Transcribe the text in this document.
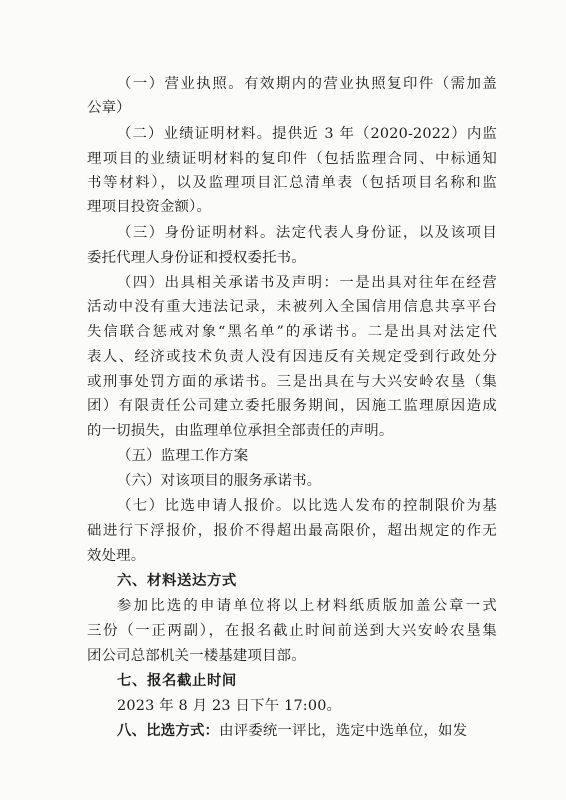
（一）营业执照。有效期内的营业执照复印件（需加盖
公章）
（二）业绩证明材料。提供近 3 年（2020-2022）内监
理项目的业绩证明材料的复印件（包括监理合同、中标通知
书等材料），以及监理项目汇总清单表（包括项目名称和监
理项目投资金额）。
（三）身份证明材料。法定代表人身份证，以及该项目
委托代理人身份证和授权委托书。
（四）出具相关承诺书及声明：一是出具对往年在经营
活动中没有重大违法记录，未被列入全国信用信息共享平台
失信联合惩戒对象“黑名单”的承诺书。二是出具对法定代
表人、经济或技术负责人没有因违反有关规定受到行政处分
或刑事处罚方面的承诺书。三是出具在与大兴安岭农垦（集
团）有限责任公司建立委托服务期间，因施工监理原因造成
的一切损失，由监理单位承担全部责任的声明。
（五）监理工作方案
（六）对该项目的服务承诺书。
（七）比选申请人报价。以比选人发布的控制限价为基
础进行下浮报价，报价不得超出最高限价，超出规定的作无
效处理。
六、材料送达方式
参加比选的申请单位将以上材料纸质版加盖公章一式
三份（一正两副），在报名截止时间前送到大兴安岭农垦集
团公司总部机关一楼基建项目部。
七、报名截止时间
2023 年 8 月 23 日下午 17:00。
八、比选方式：由评委统一评比，选定中选单位，如发
